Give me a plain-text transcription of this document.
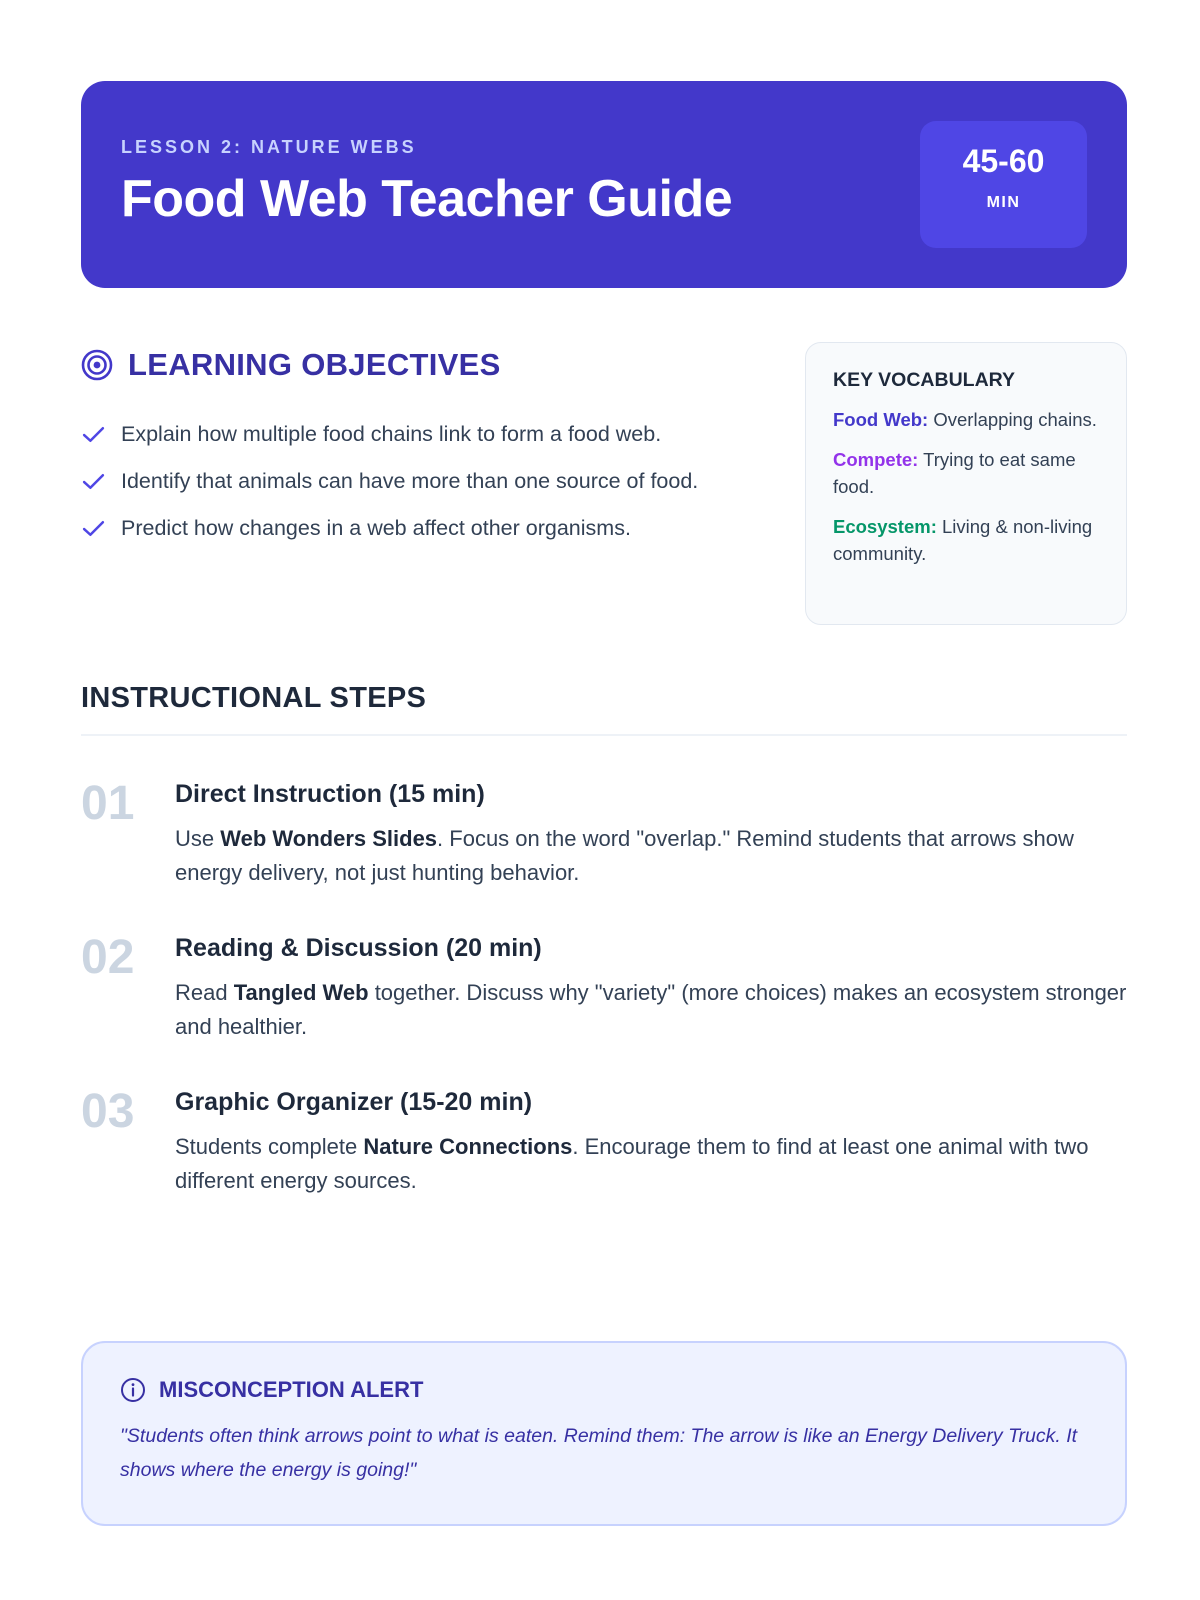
LESSON 2: NATURE WEBS
Food Web Teacher Guide
45-60
MIN
LEARNING OBJECTIVES
Explain how multiple food chains link to form a food web.
Identify that animals can have more than one source of food.
Predict how changes in a web affect other organisms.
KEY VOCABULARY

Food Web: Overlapping chains.

Compete: Trying to eat same food.

Ecosystem: Living & non-living community.

INSTRUCTIONAL STEPS
01 Direct Instruction (15 min)

Use Web Wonders Slides. Focus on the word "overlap." Remind students that arrows show energy delivery, not just hunting behavior.

02 Reading & Discussion (20 min)

Read Tangled Web together. Discuss why "variety" (more choices) makes an ecosystem stronger and healthier.

03 Graphic Organizer (15-20 min)

Students complete Nature Connections. Encourage them to find at least one animal with two different energy sources.

MISCONCEPTION ALERT

"Students often think arrows point to what is eaten. Remind them: The arrow is like an Energy Delivery Truck. It shows where the energy is going!"
